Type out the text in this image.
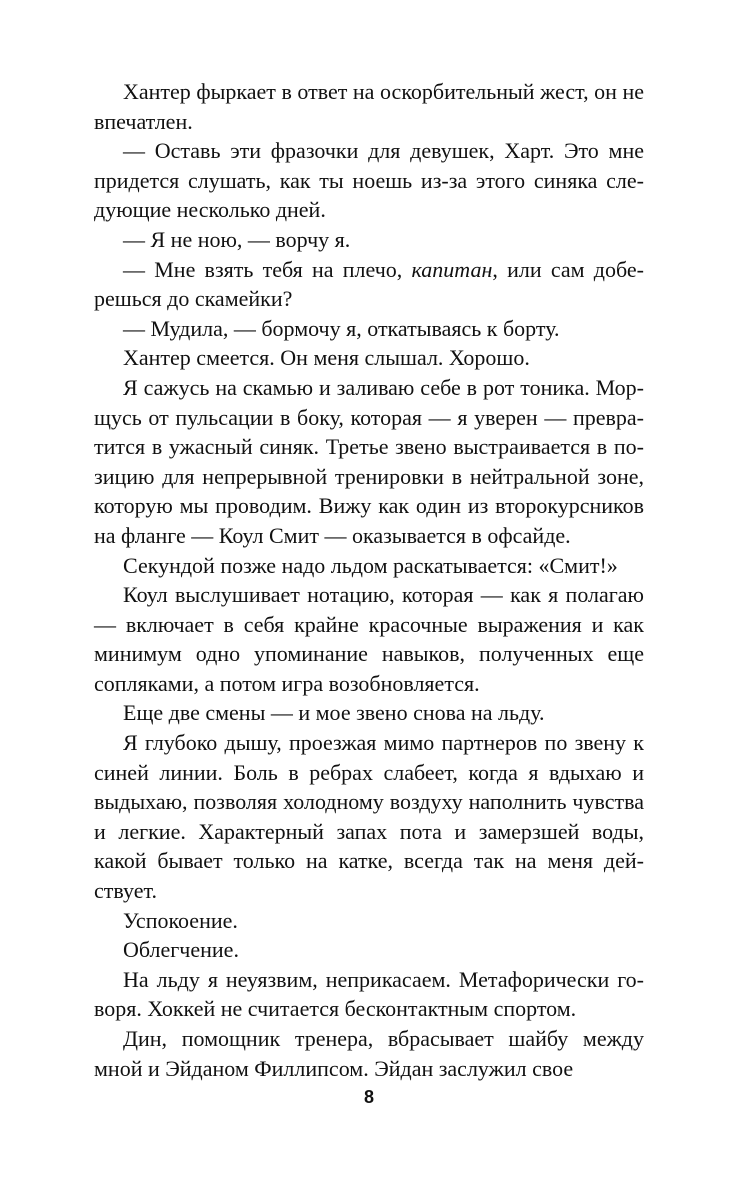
Хантер фыркает в ответ на оскорбительный жест, он не впечатлен.

— Оставь эти фразочки для девушек, Харт. Это мне придется слушать, как ты ноешь из-за этого синяка следующие несколько дней.

— Я не ною, — ворчу я.

— Мне взять тебя на плечо, капитан, или сам доберешься до скамейки?

— Мудила, — бормочу я, откатываясь к борту.

Хантер смеется. Он меня слышал. Хорошо.

Я сажусь на скамью и заливаю себе в рот тоника. Морщусь от пульсации в боку, которая — я уверен — превратится в ужасный синяк. Третье звено выстраивается в позицию для непрерывной тренировки в нейтральной зоне, которую мы проводим. Вижу как один из второкурсников на фланге — Коул Смит — оказывается в офсайде.

Секундой позже надо льдом раскатывается: «Смит!»

Коул выслушивает нотацию, которая — как я полагаю — включает в себя крайне красочные выражения и как минимум одно упоминание навыков, полученных еще сопляками, а потом игра возобновляется.

Еще две смены — и мое звено снова на льду.

Я глубоко дышу, проезжая мимо партнеров по звену к синей линии. Боль в ребрах слабеет, когда я вдыхаю и выдыхаю, позволяя холодному воздуху наполнить чувства и легкие. Характерный запах пота и замерзшей воды, какой бывает только на катке, всегда так на меня действует.

Успокоение.

Облегчение.

На льду я неуязвим, неприкасаем. Метафорически говоря. Хоккей не считается бесконтактным спортом.

Дин, помощник тренера, вбрасывает шайбу между мной и Эйданом Филлипсом. Эйдан заслужил свое

8
